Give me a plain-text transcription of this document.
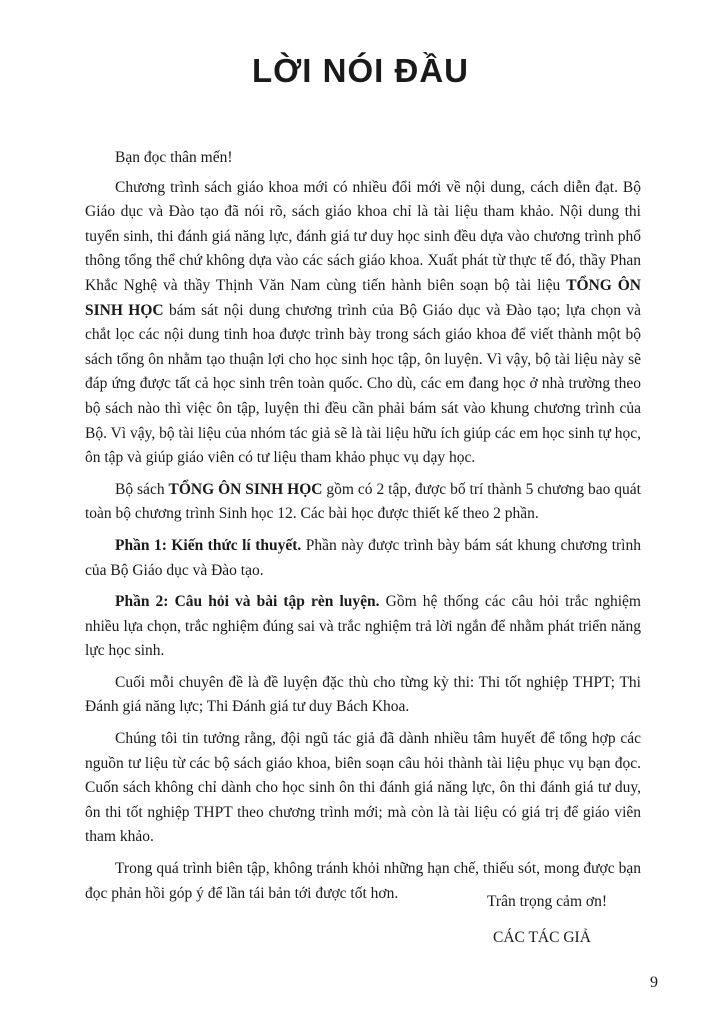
LỜI NÓI ĐẦU

Bạn đọc thân mến!

Chương trình sách giáo khoa mới có nhiều đổi mới về nội dung, cách diễn đạt. Bộ Giáo dục và Đào tạo đã nói rõ, sách giáo khoa chỉ là tài liệu tham khảo. Nội dung thi tuyển sinh, thi đánh giá năng lực, đánh giá tư duy học sinh đều dựa vào chương trình phổ thông tổng thể chứ không dựa vào các sách giáo khoa. Xuất phát từ thực tế đó, thầy Phan Khắc Nghệ và thầy Thịnh Văn Nam cùng tiến hành biên soạn bộ tài liệu TỔNG ÔN SINH HỌC bám sát nội dung chương trình của Bộ Giáo dục và Đào tạo; lựa chọn và chắt lọc các nội dung tinh hoa được trình bày trong sách giáo khoa để viết thành một bộ sách tổng ôn nhằm tạo thuận lợi cho học sinh học tập, ôn luyện. Vì vậy, bộ tài liệu này sẽ đáp ứng được tất cả học sinh trên toàn quốc. Cho dù, các em đang học ở nhà trường theo bộ sách nào thì việc ôn tập, luyện thi đều cần phải bám sát vào khung chương trình của Bộ. Vì vậy, bộ tài liệu của nhóm tác giả sẽ là tài liệu hữu ích giúp các em học sinh tự học, ôn tập và giúp giáo viên có tư liệu tham khảo phục vụ dạy học.

Bộ sách TỔNG ÔN SINH HỌC gồm có 2 tập, được bố trí thành 5 chương bao quát toàn bộ chương trình Sinh học 12. Các bài học được thiết kế theo 2 phần.

Phần 1: Kiến thức lí thuyết. Phần này được trình bày bám sát khung chương trình của Bộ Giáo dục và Đào tạo.

Phần 2: Câu hỏi và bài tập rèn luyện. Gồm hệ thống các câu hỏi trắc nghiệm nhiều lựa chọn, trắc nghiệm đúng sai và trắc nghiệm trả lời ngắn để nhằm phát triển năng lực học sinh.

Cuối mỗi chuyên đề là đề luyện đặc thù cho từng kỳ thi: Thi tốt nghiệp THPT; Thi Đánh giá năng lực; Thi Đánh giá tư duy Bách Khoa.

Chúng tôi tin tưởng rằng, đội ngũ tác giả đã dành nhiều tâm huyết để tổng hợp các nguồn tư liệu từ các bộ sách giáo khoa, biên soạn câu hỏi thành tài liệu phục vụ bạn đọc. Cuốn sách không chỉ dành cho học sinh ôn thi đánh giá năng lực, ôn thi đánh giá tư duy, ôn thi tốt nghiệp THPT theo chương trình mới; mà còn là tài liệu có giá trị để giáo viên tham khảo.

Trong quá trình biên tập, không tránh khỏi những hạn chế, thiếu sót, mong được bạn đọc phản hồi góp ý để lần tái bản tới được tốt hơn.	Trân trọng cảm ơn!
CÁC TÁC GIẢ
9
